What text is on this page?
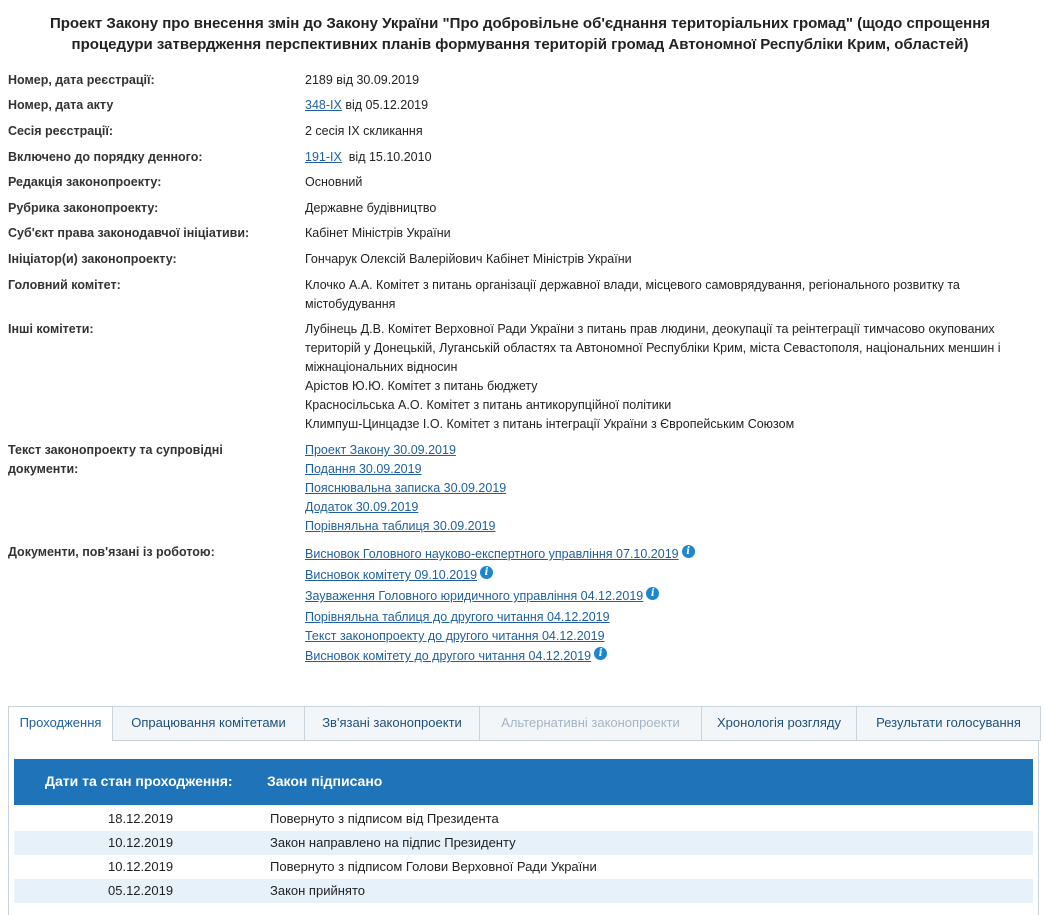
Проект Закону про внесення змін до Закону України "Про добровільне об'єднання територіальних громад" (щодо спрощення процедури затвердження перспективних планів формування територій громад Автономної Республіки Крим, областей)
Номер, дата реєстрації:	2189 від 30.09.2019
Номер, дата акту	348-IX від 05.12.2019
Сесія реєстрації:	2 сесія IX скликання
Включено до порядку денного:	191-IX  від 15.10.2010
Редакція законопроекту:	Основний
Рубрика законопроекту:	Державне будівництво
Суб'єкт права законодавчої ініціативи:	Кабінет Міністрів України
Ініціатор(и) законопроекту:	Гончарук Олексій Валерійович Кабінет Міністрів України
Головний комітет:	Клочко А.А. Комітет з питань організації державної влади, місцевого самоврядування, регіонального розвитку та містобудування
Інші комітети:	Лубінець Д.В. Комітет Верховної Ради України з питань прав людини, деокупації та реінтеграції тимчасово окупованих територій у Донецькій, Луганській областях та Автономної Республіки Крим, міста Севастополя, національних меншин і міжнаціональних відносин
Арістов Ю.Ю. Комітет з питань бюджету
Красносільська А.О. Комітет з питань антикорупційної політики
Климпуш-Цинцадзе І.О. Комітет з питань інтеграції України з Європейським Союзом
Текст законопроекту та супровідні документи:
Проект Закону 30.09.2019
Подання 30.09.2019
Пояснювальна записка 30.09.2019
Додаток 30.09.2019
Порівняльна таблиця 30.09.2019
Документи, пов'язані із роботою:	Висновок Головного науково-експертного управління 07.10.2019 i
Висновок комітету 09.10.2019 i
Зауваження Головного юридичного управління 04.12.2019 i
Порівняльна таблиця до другого читання 04.12.2019
Текст законопроекту до другого читання 04.12.2019
Висновок комітету до другого читання 04.12.2019 i
Проходження	Опрацювання комітетами	Зв'язані законопроекти	Альтернативні законопроекти	Хронологія розгляду	Результати голосування
Дати та стан проходження: Закон підписано
18.12.2019	Повернуто з підписом від Президента
10.12.2019	Закон направлено на підпис Президенту
10.12.2019	Повернуто з підписом Голови Верховної Ради України
05.12.2019	Закон прийнято
